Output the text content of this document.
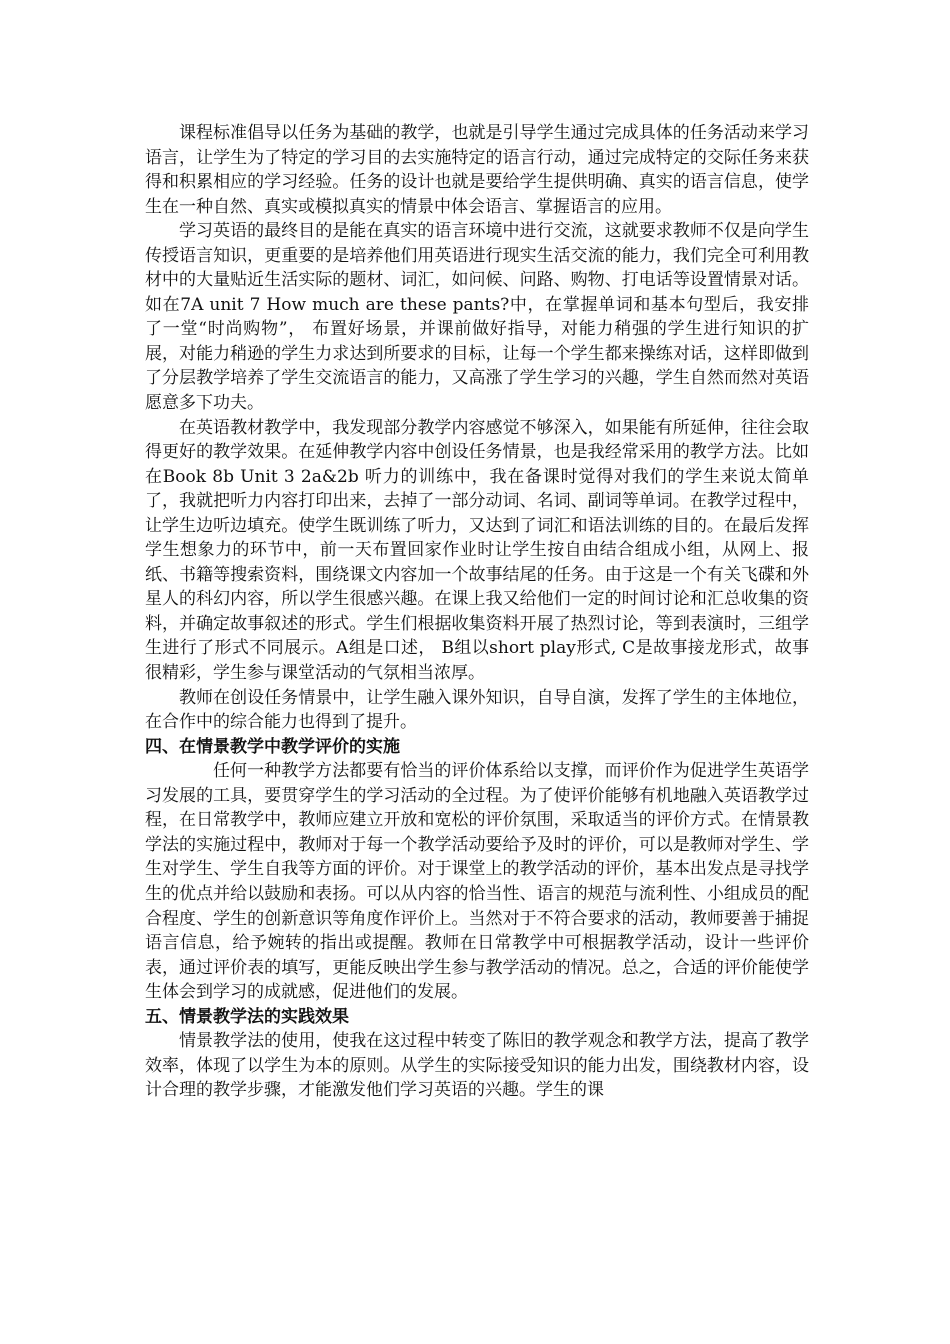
课程标准倡导以任务为基础的教学，也就是引导学生通过完成具体的任务活动来学习语言，让学生为了特定的学习目的去实施特定的语言行动，通过完成特定的交际任务来获得和积累相应的学习经验。任务的设计也就是要给学生提供明确、真实的语言信息，使学生在一种自然、真实或模拟真实的情景中体会语言、掌握语言的应用。

学习英语的最终目的是能在真实的语言环境中进行交流，这就要求教师不仅是向学生传授语言知识，更重要的是培养他们用英语进行现实生活交流的能力，我们完全可利用教材中的大量贴近生活实际的题材、词汇，如问候、问路、购物、打电话等设置情景对话。如在7A unit 7 How much are these pants?中，在掌握单词和基本句型后，我安排了一堂“时尚购物”， 布置好场景，并课前做好指导，对能力稍强的学生进行知识的扩展，对能力稍逊的学生力求达到所要求的目标，让每一个学生都来操练对话，这样即做到了分层教学培养了学生交流语言的能力，又高涨了学生学习的兴趣，学生自然而然对英语愿意多下功夫。

在英语教材教学中，我发现部分教学内容感觉不够深入，如果能有所延伸，往往会取得更好的教学效果。在延伸教学内容中创设任务情景，也是我经常采用的教学方法。比如在Book 8b Unit 3 2a&2b 听力的训练中，我在备课时觉得对我们的学生来说太简单了，我就把听力内容打印出来，去掉了一部分动词、名词、副词等单词。在教学过程中，让学生边听边填充。使学生既训练了听力，又达到了词汇和语法训练的目的。在最后发挥学生想象力的环节中，前一天布置回家作业时让学生按自由结合组成小组，从网上、报纸、书籍等搜索资料，围绕课文内容加一个故事结尾的任务。由于这是一个有关飞碟和外星人的科幻内容，所以学生很感兴趣。在课上我又给他们一定的时间讨论和汇总收集的资料，并确定故事叙述的形式。学生们根据收集资料开展了热烈讨论，等到表演时，三组学生进行了形式不同展示。A组是口述， B组以short play形式, C是故事接龙形式，故事很精彩，学生参与课堂活动的气氛相当浓厚。

教师在创设任务情景中，让学生融入课外知识，自导自演，发挥了学生的主体地位，在合作中的综合能力也得到了提升。

四、在情景教学中教学评价的实施

任何一种教学方法都要有恰当的评价体系给以支撑，而评价作为促进学生英语学习发展的工具，要贯穿学生的学习活动的全过程。为了使评价能够有机地融入英语教学过程，在日常教学中，教师应建立开放和宽松的评价氛围，采取适当的评价方式。在情景教学法的实施过程中，教师对于每一个教学活动要给予及时的评价，可以是教师对学生、学生对学生、学生自我等方面的评价。对于课堂上的教学活动的评价，基本出发点是寻找学生的优点并给以鼓励和表扬。可以从内容的恰当性、语言的规范与流利性、小组成员的配合程度、学生的创新意识等角度作评价上。当然对于不符合要求的活动，教师要善于捕捉语言信息，给予婉转的指出或提醒。教师在日常教学中可根据教学活动，设计一些评价表，通过评价表的填写，更能反映出学生参与教学活动的情况。总之，合适的评价能使学生体会到学习的成就感，促进他们的发展。

五、情景教学法的实践效果

情景教学法的使用，使我在这过程中转变了陈旧的教学观念和教学方法，提高了教学效率，体现了以学生为本的原则。从学生的实际接受知识的能力出发，围绕教材内容，设计合理的教学步骤，才能激发他们学习英语的兴趣。学生的课
